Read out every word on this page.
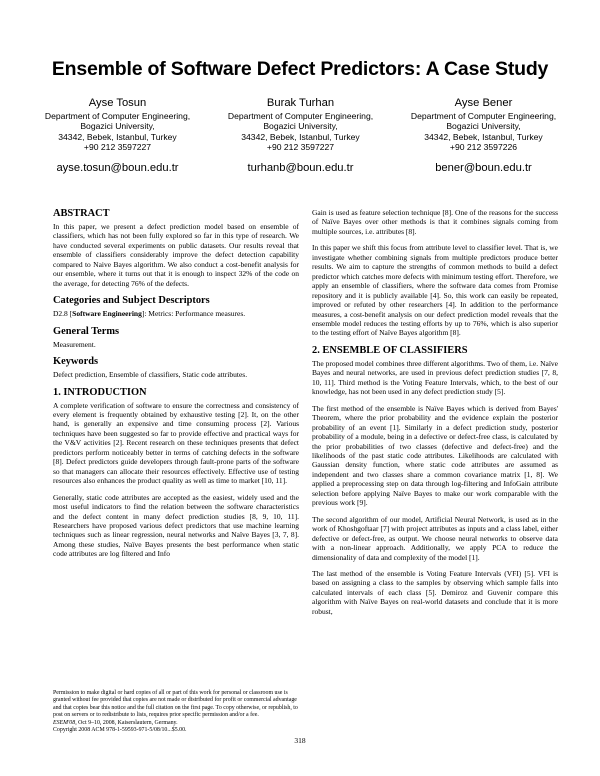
Ensemble of Software Defect Predictors: A Case Study
Ayse Tosun
Department of Computer Engineering,
Bogazici University,
34342, Bebek, Istanbul, Turkey
+90 212 3597227
ayse.tosun@boun.edu.tr
Burak Turhan
Department of Computer Engineering,
Bogazici University,
34342, Bebek, Istanbul, Turkey
+90 212 3597227
turhanb@boun.edu.tr
Ayse Bener
Department of Computer Engineering,
Bogazici University,
34342, Bebek, Istanbul, Turkey
+90 212 3597226
bener@boun.edu.tr
ABSTRACT

In this paper, we present a defect prediction model based on ensemble of classifiers, which has not been fully explored so far in this type of research. We have conducted several experiments on public datasets. Our results reveal that ensemble of classifiers considerably improve the defect detection capability compared to Naive Bayes algorithm. We also conduct a cost-benefit analysis for our ensemble, where it turns out that it is enough to inspect 32% of the code on the average, for detecting 76% of the defects.

Categories and Subject Descriptors

D2.8 [Software Engineering]: Metrics: Performance measures.

General Terms

Measurement.

Keywords

Defect prediction, Ensemble of classifiers, Static code attributes.

1. INTRODUCTION

A complete verification of software to ensure the correctness and consistency of every element is frequently obtained by exhaustive testing [2]. It, on the other hand, is generally an expensive and time consuming process [2]. Various techniques have been suggested so far to provide effective and practical ways for the V&V activities [2]. Recent research on these techniques presents that defect predictors perform noticeably better in terms of catching defects in the software [8]. Defect predictors guide developers through fault-prone parts of the software so that managers can allocate their resources effectively. Effective use of testing resources also enhances the product quality as well as time to market [10, 11].

Generally, static code attributes are accepted as the easiest, widely used and the most useful indicators to find the relation between the software characteristics and the defect content in many defect prediction studies [8, 9, 10, 11]. Researchers have proposed various defect predictors that use machine learning techniques such as linear regression, neural networks and Naïve Bayes [3, 7, 8]. Among these studies, Naïve Bayes presents the best performance when static code attributes are log filtered and Info

Permission to make digital or hard copies of all or part of this work for personal or classroom use is granted without fee provided that copies are not made or distributed for profit or commercial advantage and that copies bear this notice and the full citation on the first page. To copy otherwise, or republish, to post on servers or to redistribute to lists, requires prior specific permission and/or a fee.
ESEM'08, Oct 9–10, 2008, Kaiserslautern, Germany.
Copyright 2008 ACM 978-1-59593-971-5/08/10...$5.00.

Gain is used as feature selection technique [8]. One of the reasons for the success of Naïve Bayes over other methods is that it combines signals coming from multiple sources, i.e. attributes [8].

In this paper we shift this focus from attribute level to classifier level. That is, we investigate whether combining signals from multiple predictors produce better results. We aim to capture the strengths of common methods to build a defect predictor which catches more defects with minimum testing effort. Therefore, we apply an ensemble of classifiers, where the software data comes from Promise repository and it is publicly available [4]. So, this work can easily be repeated, improved or refuted by other researchers [4]. In addition to the performance measures, a cost-benefit analysis on our defect prediction model reveals that the ensemble model reduces the testing efforts by up to 76%, which is also superior to the testing effort of Naïve Bayes algorithm [8].

2. ENSEMBLE OF CLASSIFIERS

The proposed model combines three different algorithms. Two of them, i.e. Naïve Bayes and neural networks, are used in previous defect prediction studies [7, 8, 10, 11]. Third method is the Voting Feature Intervals, which, to the best of our knowledge, has not been used in any defect prediction study [5].

The first method of the ensemble is Naïve Bayes which is derived from Bayes' Theorem, where the prior probability and the evidence explain the posterior probability of an event [1]. Similarly in a defect prediction study, posterior probability of a module, being in a defective or defect-free class, is calculated by the prior probabilities of two classes (defective and defect-free) and the likelihoods of the past static code attributes. Likelihoods are calculated with Gaussian density function, where static code attributes are assumed as independent and two classes share a common covariance matrix [1, 8]. We applied a preprocessing step on data through log-filtering and InfoGain attribute selection before applying Naïve Bayes to make our work comparable with the previous work [9].

The second algorithm of our model, Artificial Neural Network, is used as in the work of Khoshgoftaar [7] with project attributes as inputs and a class label, either defective or defect-free, as output. We choose neural networks to observe data with a non-linear approach. Additionally, we apply PCA to reduce the dimensionality of data and complexity of the model [1].

The last method of the ensemble is Voting Feature Intervals (VFI) [5]. VFI is based on assigning a class to the samples by observing which sample falls into calculated intervals of each class [5]. Demiroz and Guvenir compare this algorithm with Naïve Bayes on real-world datasets and conclude that it is more robust,

318
